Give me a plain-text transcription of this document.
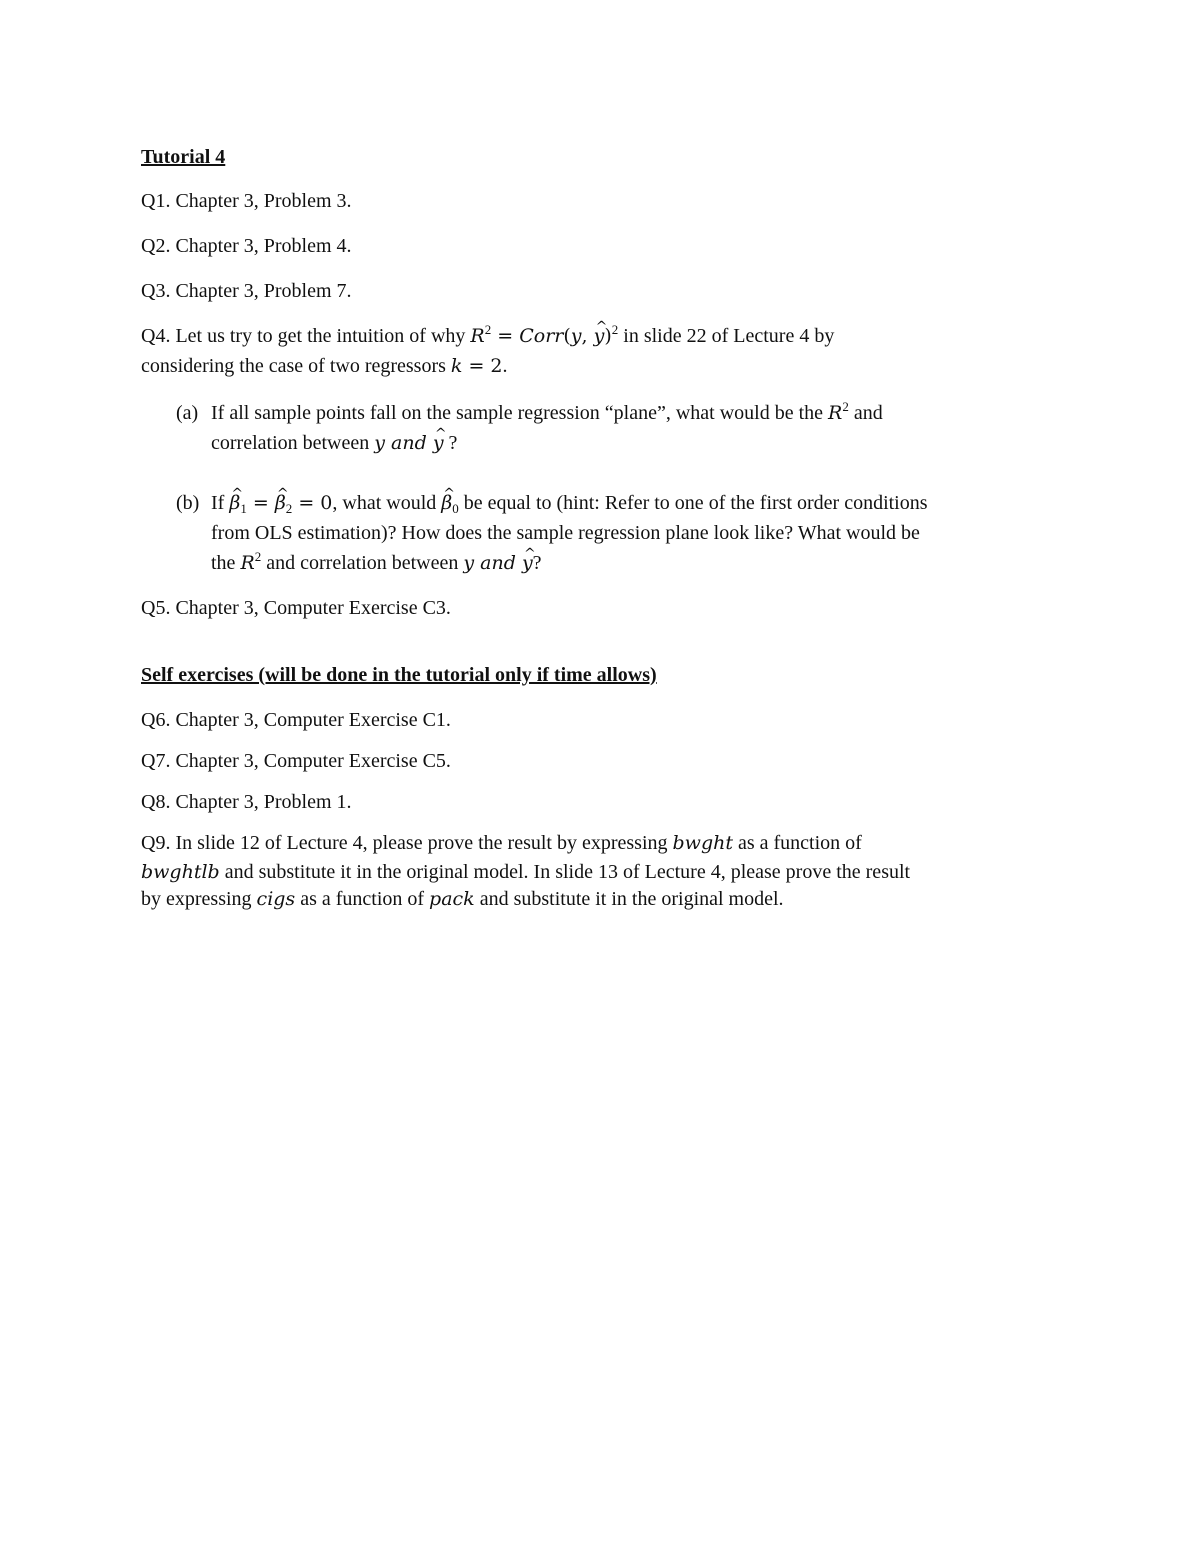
Tutorial 4
Q1. Chapter 3, Problem 3.
Q2. Chapter 3, Problem 4.
Q3. Chapter 3, Problem 7.
Q4. Let us try to get the intuition of why $R^2$ = Corr(y, y ^)$^2$ in slide 22 of Lecture 4 by
considering the case of two regressors k = 2.
(a) If all sample points fall on the sample regression “plane”, what would be the $R^2$ and
correlation between y and y ^ ?
(b) If β $\^{}_1 = \beta$ $\^{}_2 = 0$, what would β $\^{}_0$ be equal to (hint: Refer to one of the first order conditions
from OLS estimation)? How does the sample regression plane look like? What would be
the $R^2$ and correlation between y and y ^?
Q5. Chapter 3, Computer Exercise C3.
Self exercises (will be done in the tutorial only if time allows)
Q6. Chapter 3, Computer Exercise C1.
Q7. Chapter 3, Computer Exercise C5.
Q8. Chapter 3, Problem 1.
Q9. In slide 12 of Lecture 4, please prove the result by expressing bwght as a function of
bwghtlb and substitute it in the original model. In slide 13 of Lecture 4, please prove the result
by expressing cigs as a function of pack and substitute it in the original model.
